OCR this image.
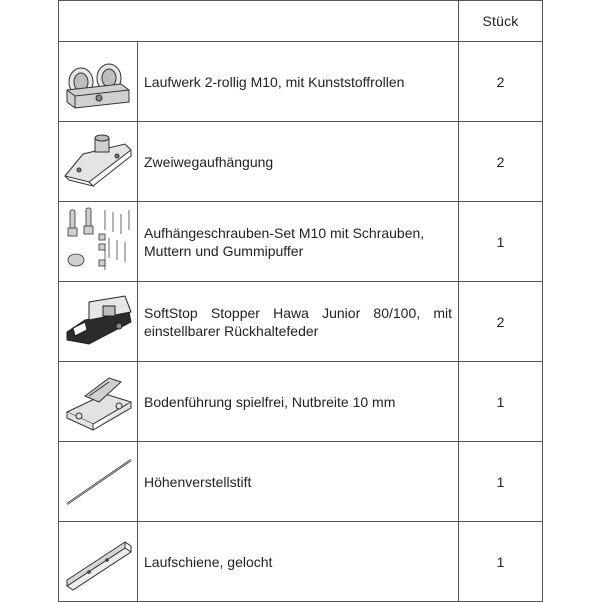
		Stück

	Laufwerk 2-rollig M10, mit Kunststoffrollen	2

	Zweiwegaufhängung	2

	Aufhängeschrauben-Set M10 mit Schrauben, Muttern und Gummipuffer	1

	SoftStop Stopper Hawa Junior 80/100, mit einstellbarer Rückhaltefeder	2

	Bodenführung spielfrei, Nutbreite 10 mm	1

	Höhenverstellstift	1

	Laufschiene, gelocht	1
